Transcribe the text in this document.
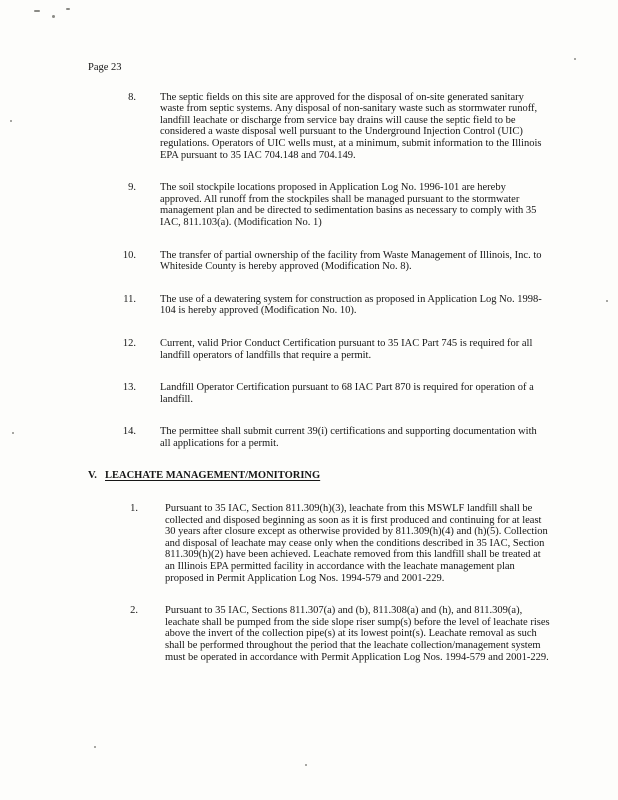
Page 23
8. The septic fields on this site are approved for the disposal of on-site generated sanitary waste from septic systems. Any disposal of non-sanitary waste such as stormwater runoff, landfill leachate or discharge from service bay drains will cause the septic field to be considered a waste disposal well pursuant to the Underground Injection Control (UIC) regulations. Operators of UIC wells must, at a minimum, submit information to the Illinois EPA pursuant to 35 IAC 704.148 and 704.149.
9. The soil stockpile locations proposed in Application Log No. 1996-101 are hereby approved. All runoff from the stockpiles shall be managed pursuant to the stormwater management plan and be directed to sedimentation basins as necessary to comply with 35 IAC, 811.103(a). (Modification No. 1)
10. The transfer of partial ownership of the facility from Waste Management of Illinois, Inc. to Whiteside County is hereby approved (Modification No. 8).
11. The use of a dewatering system for construction as proposed in Application Log No. 1998-104 is hereby approved (Modification No. 10).
12. Current, valid Prior Conduct Certification pursuant to 35 IAC Part 745 is required for all landfill operators of landfills that require a permit.
13. Landfill Operator Certification pursuant to 68 IAC Part 870 is required for operation of a landfill.
14. The permittee shall submit current 39(i) certifications and supporting documentation with all applications for a permit.
V. LEACHATE MANAGEMENT/MONITORING
1.	Pursuant to 35 IAC, Section 811.309(h)(3), leachate from this MSWLF landfill shall be collected and disposed beginning as soon as it is first produced and continuing for at least 30 years after closure except as otherwise provided by 811.309(h)(4) and (h)(5). Collection and disposal of leachate may cease only when the conditions described in 35 IAC, Section 811.309(h)(2) have been achieved. Leachate removed from this landfill shall be treated at an Illinois EPA permitted facility in accordance with the leachate management plan proposed in Permit Application Log Nos. 1994-579 and 2001-229.
2.	Pursuant to 35 IAC, Sections 811.307(a) and (b), 811.308(a) and (h), and 811.309(a), leachate shall be pumped from the side slope riser sump(s) before the level of leachate rises above the invert of the collection pipe(s) at its lowest point(s). Leachate removal as such shall be performed throughout the period that the leachate collection/management system must be operated in accordance with Permit Application Log Nos. 1994-579 and 2001-229.
